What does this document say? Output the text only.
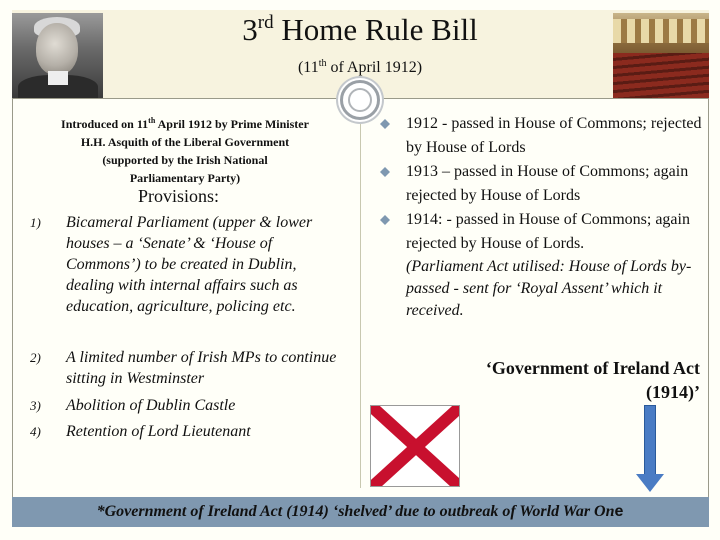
3rd Home Rule Bill
(11th of April 1912)
Introduced on 11th April 1912 by Prime Minister
H.H. Asquith of the Liberal Government
(supported by the Irish National
Parliamentary Party)
Provisions:
1) Bicameral Parliament (upper & lower houses – a ‘Senate’ & ‘House of Commons’) to be created in Dublin, dealing with internal affairs such as education, agriculture, policing etc.
2) A limited number of Irish MPs to continue sitting in Westminster
3) Abolition of Dublin Castle
4) Retention of Lord Lieutenant
1912 - passed in House of Commons; rejected by House of Lords
1913 – passed in House of Commons; again rejected by House of Lords
1914: - passed in House of Commons; again rejected by House of Lords.
(Parliament Act utilised: House of Lords by-passed - sent for ‘Royal Assent’ which it received.
‘Government of Ireland Act
(1914)’
*Government of Ireland Act (1914) ‘shelved’ due to outbreak of World War One
